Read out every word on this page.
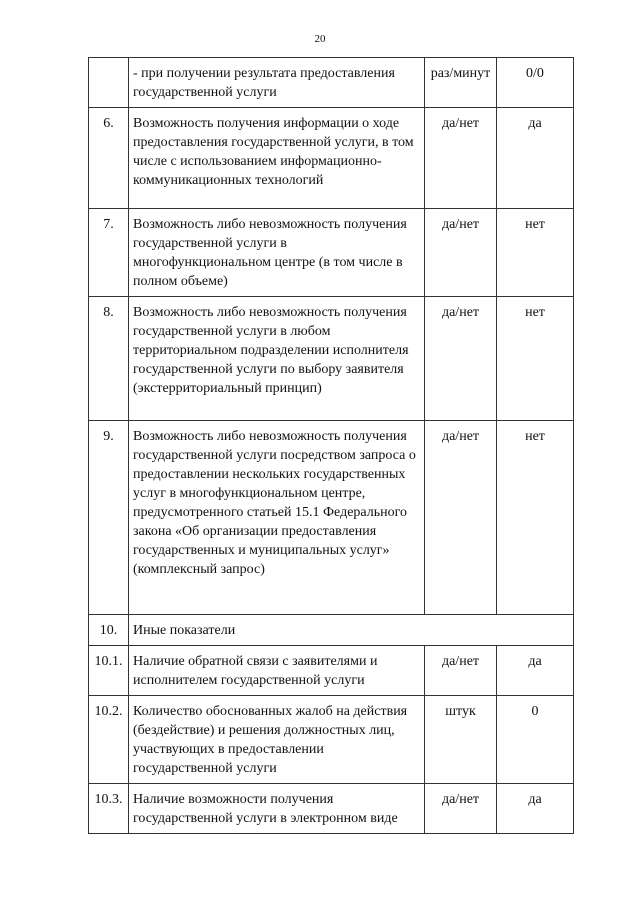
20
	- при получении результата предоставления государственной услуги	раз/минут	0/0
6.	Возможность получения информации о ходе предоставления государственной услуги, в том числе с использованием информационно-коммуникационных технологий	да/нет	да
7.	Возможность либо невозможность получения государственной услуги в многофункциональном центре (в том числе в полном объеме)	да/нет	нет
8.	Возможность либо невозможность получения государственной услуги в любом территориальном подразделении исполнителя государственной услуги по выбору заявителя (экстерриториальный принцип)	да/нет	нет
9.	Возможность либо невозможность получения государственной услуги посредством запроса о предоставлении нескольких государственных услуг в многофункциональном центре, предусмотренного статьей 15.1 Федерального закона «Об организации предоставления государственных и муниципальных услуг» (комплексный запрос)	да/нет	нет
10.	Иные показатели		
10.1.	Наличие обратной связи с заявителями и исполнителем государственной услуги	да/нет	да
10.2.	Количество обоснованных жалоб на действия (бездействие) и решения должностных лиц, участвующих в предоставлении государственной услуги	штук	0
10.3.	Наличие возможности получения государственной услуги в электронном виде	да/нет	да
